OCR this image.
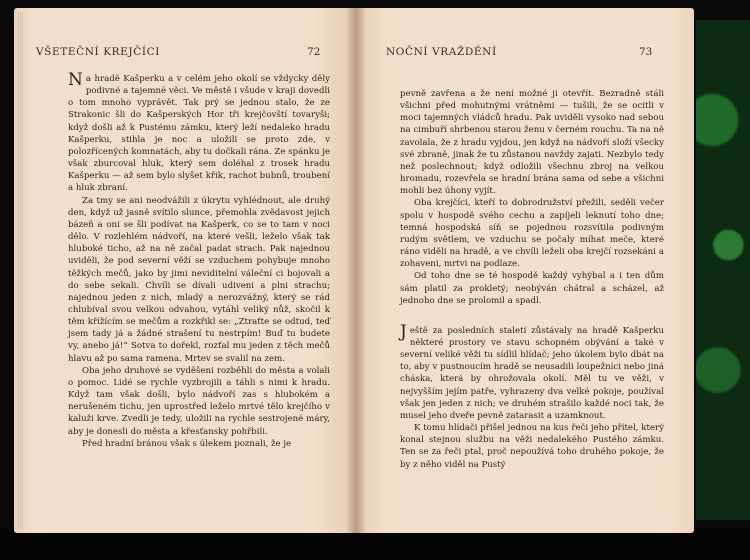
VŠETEČNÍ KREJČÍCI	72

Na hradě Kašperku a v celém jeho okolí se vždycky děly podivné a tajemné věci. Ve městě i všude v kraji dovedli o tom mnoho vyprávět. Tak prý se jednou stalo, že ze Strakonic šli do Kašperských Hor tři krejčovští tovaryši; když došli až k Pustému zámku, který leží nedaleko hradu Kašperku, stihla je noc a uložili se proto zde, v polozřícených komnatách, aby tu dočkali rána. Ze spánku je však zburcoval hluk, který sem doléhal z trosek hradu Kašperku — až sem bylo slyšet křik, rachot bubnů, troubení a hluk zbraní.

Za tmy se ani neodvážili z úkrytu vyhlédnout, ale druhý den, když už jasně svítilo slunce, přemohla zvědavost jejich bázeň a oni se šli podívat na Kašperk, co se to tam v noci dělo. V rozlehlém nádvoří, na které vešli, leželo však tak hluboké ticho, až na ně začal padat strach. Pak najednou uviděli, že pod severní věží se vzduchem pohybuje mnoho těžkých mečů, jako by jimi neviditelní váleční ci bojovali a do sebe sekali. Chvíli se dívali udiveni a plni strachu; najednou jeden z nich, mladý a nerozvážný, který se rád chlubíval svou velkou odvahou, vytáhl veliký nůž, skočil k těm křížícím se mečům a rozkřikl se: „Ztraťte se odtud, teď jsem tady já a žádné strašení tu nestrpím! Buď tu budete vy, anebo já!“ Sotva to dořekl, rozťal mu jeden z těch mečů hlavu až po sama ramena. Mrtev se svalil na zem.

Oba jeho druhové se vyděšeni rozběhli do města a volali o pomoc. Lidé se rychle vyzbrojili a táhli s nimi k hradu. Když tam však došli, bylo nádvoří zas s hlubokém a nerušeném tichu, jen uprostřed leželo mrtvé tělo krejčího v kaluži krve. Zvedli je tedy, uložili na rychle sestrojené máry, aby je donesli do města a křesťansky pohřbili.

Před hradní bránou však s úlekem poznali, že je

NOČNÍ VRAŽDĚNÍ	73

pevně zavřena a že není možné ji otevřít. Bezradně stáli všichni před mohutnými vrátněmi — tušili, že se ocitli v moci tajemných vládců hradu. Pak uviděli vysoko nad sebou na cimbuří shrbenou starou ženu v černém rouchu. Ta na ně zavolala, že z hradu vyjdou, jen když na nádvoří složí všecky své zbraně, jinak že tu zůstanou navždy zajati. Nezbylo tedy než poslechnout; když odložili všechnu zbroj na velkou hromadu, rozevřela se hradní brána sama od sebe a všichni mohli bez úhony vyjít.

Oba krejčíci, kteří to dobrodružství přežili, seděli večer spolu v hospodě svého cechu a zapíjeli leknutí toho dne; temná hospodská síň se pojednou rozsvítila podivným rudým světlem, ve vzduchu se počaly míhat meče, které ráno viděli na hradě, a ve chvíli leželi oba krejčí rozsekáni a zohaveni, mrtvi na podlaze.

Od toho dne se té hospodě každý vyhýbal a i ten dům sám platil za prokletý; neobýván chátral a scházel, až jednoho dne se prolomil a spadl.

Ještě za posledních staletí zůstávaly na hradě Kašperku některé prostory ve stavu schopném obývání a také v severní veliké věži tu sídlil hlídač; jeho úkolem bylo dbát na to, aby v pustnoucím hradě se neusadili loupežníci nebo jiná cháska, která by ohrožovala okolí. Měl tu ve věži, v nejvyšším jejím patře, vyhrazeny dva velké pokoje, používal však jen jeden z nich; ve druhém strašilo každé noci tak, že musel jeho dveře pevně zatarasit a uzamknout.

K tomu hlídači přišel jednou na kus řeči jeho přítel, který konal stejnou službu na věži nedalekého Pustého zámku. Ten se za řeči ptal, proč nepoužívá toho druhého pokoje, že by z něho viděl na Pustý
